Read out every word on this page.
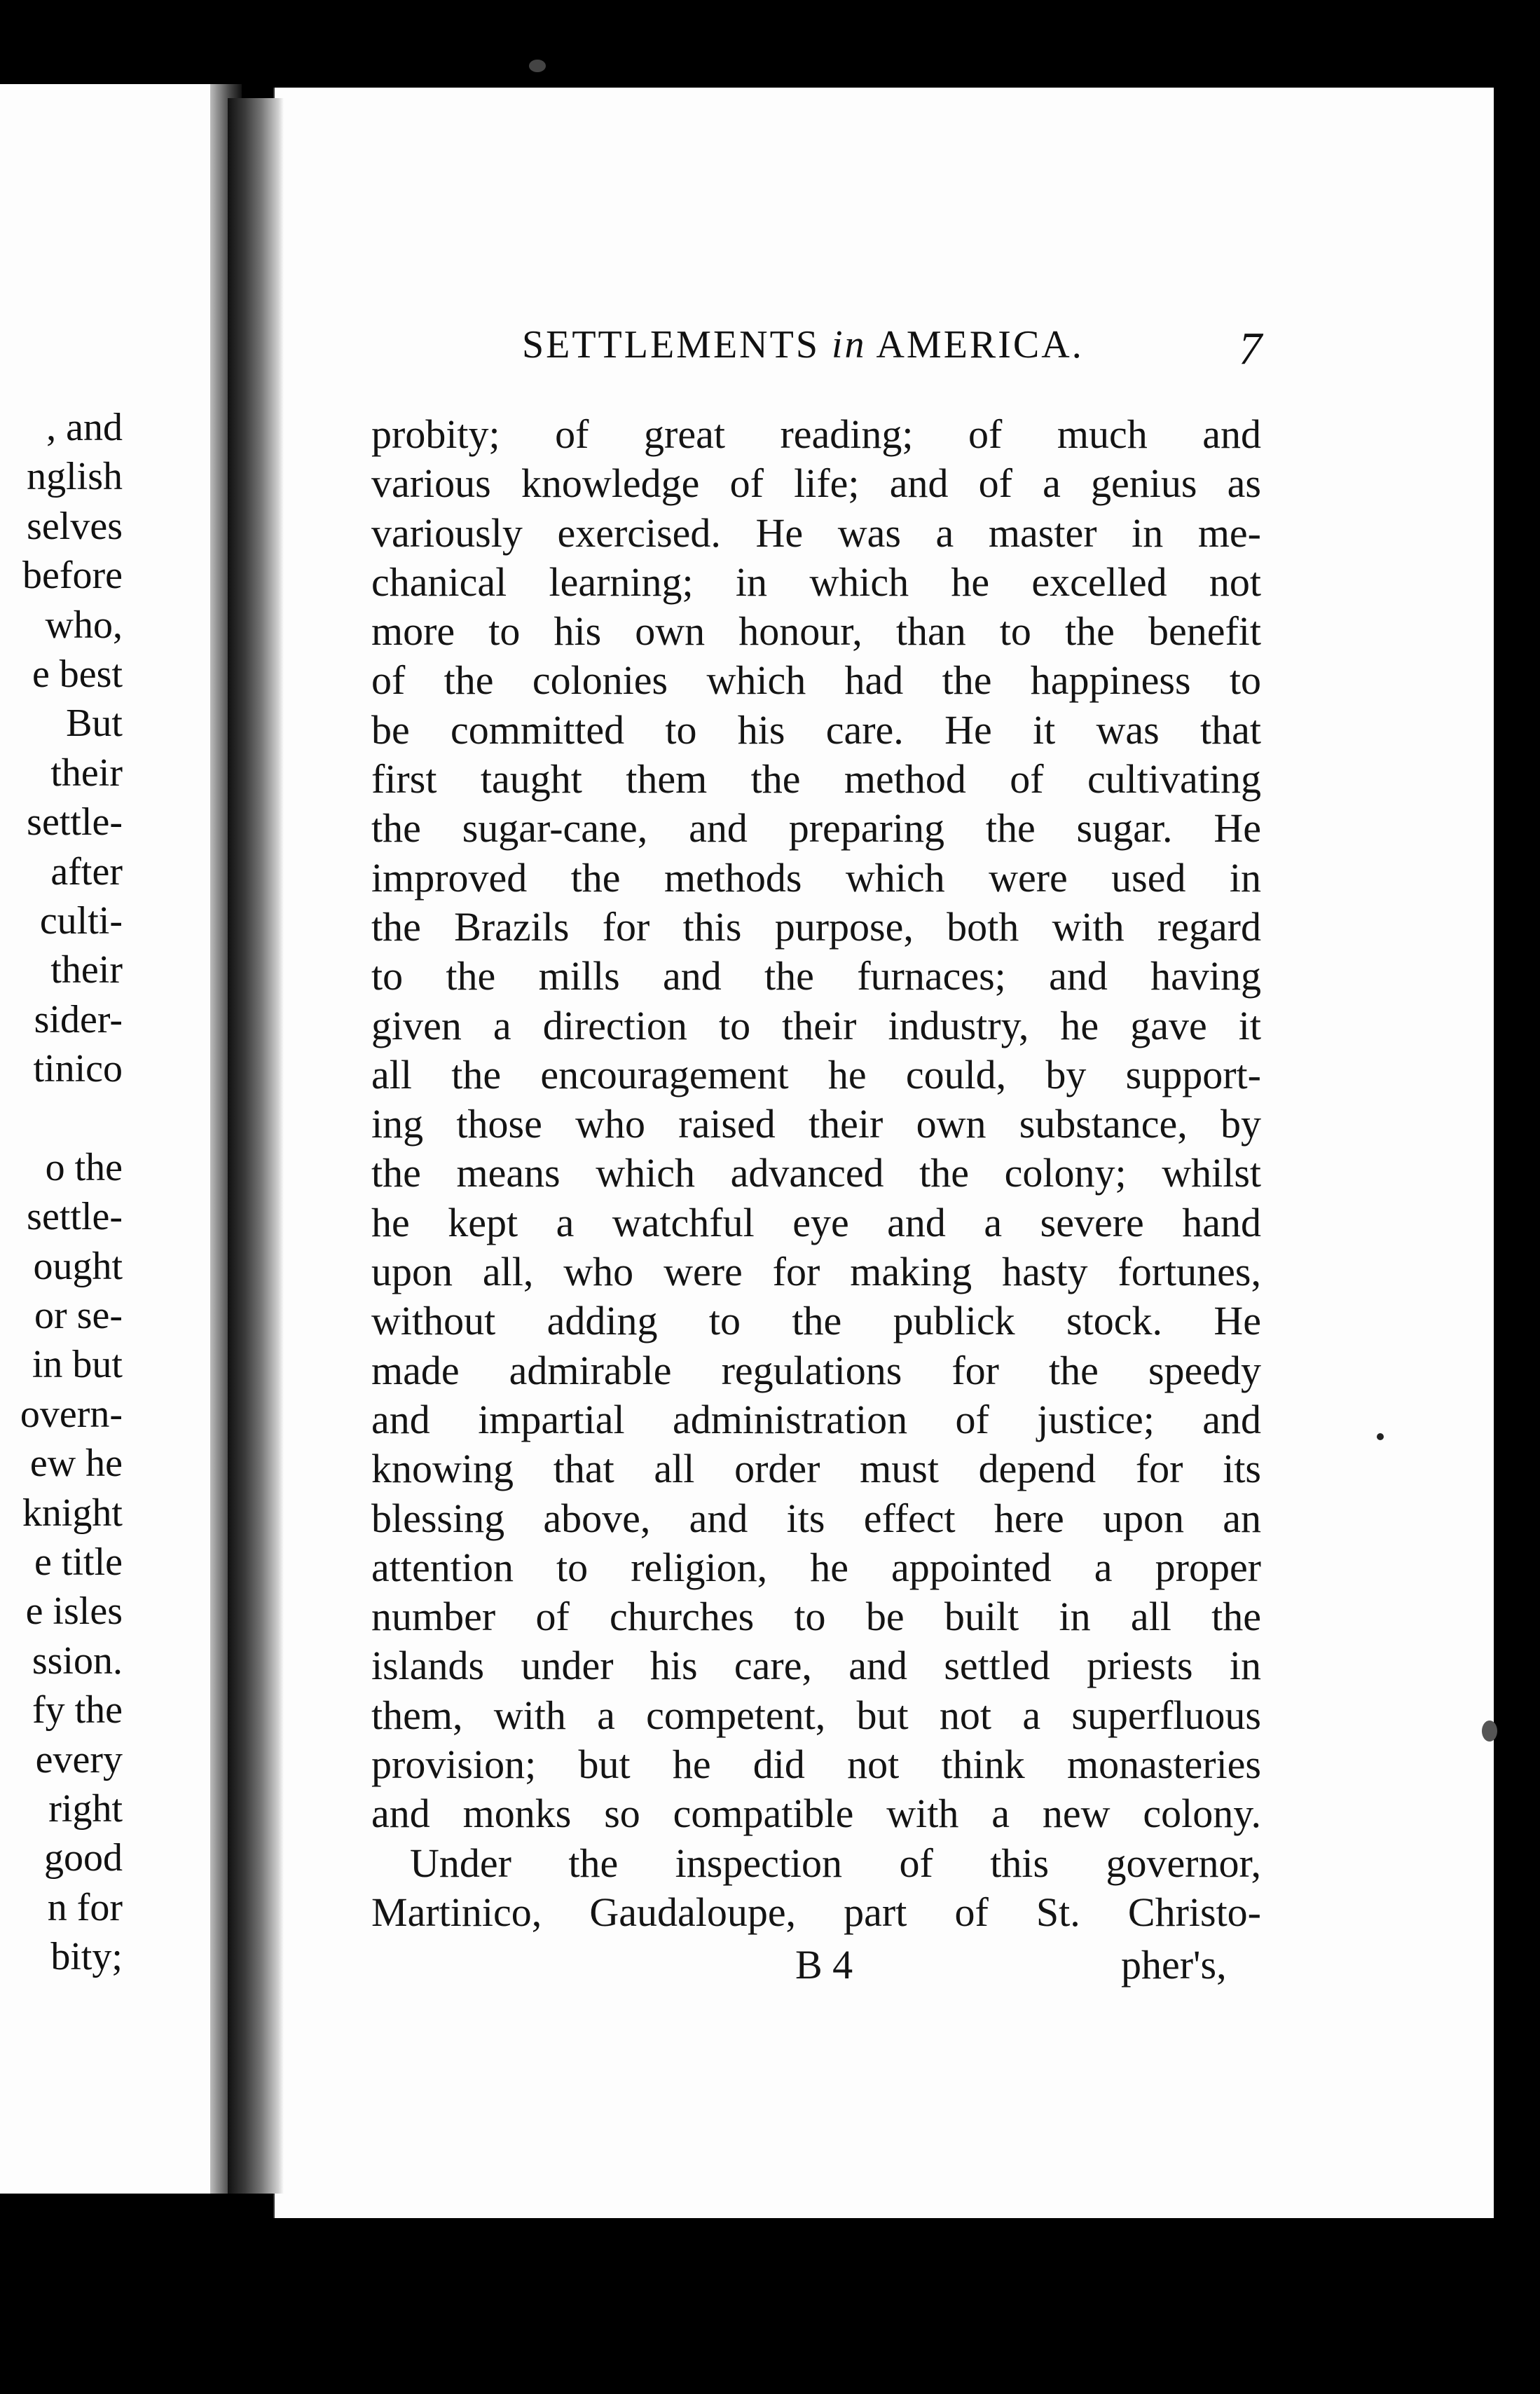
, and
nglish
selves
before
who,
e best
But
their
settle-
after
culti-
their
sider-
tinico
o the
settle-
ought
or se-
in but
overn-
ew he
knight
e title
e isles
ssion.
fy the
every
right
good
n for
bity;
SETTLEMENTS in AMERICA.	7
probity; of great reading; of much and
various knowledge of life; and of a genius as
variously exercised. He was a master in me-
chanical learning; in which he excelled not
more to his own honour, than to the benefit
of the colonies which had the happiness to
be committed to his care. He it was that
first taught them the method of cultivating
the sugar-cane, and preparing the sugar. He
improved the methods which were used in
the Brazils for this purpose, both with regard
to the mills and the furnaces; and having
given a direction to their industry, he gave it
all the encouragement he could, by support-
ing those who raised their own substance, by
the means which advanced the colony; whilst
he kept a watchful eye and a severe hand
upon all, who were for making hasty fortunes,
without adding to the publick stock. He
made admirable regulations for the speedy
and impartial administration of justice; and
knowing that all order must depend for its
blessing above, and its effect here upon an
attention to religion, he appointed a proper
number of churches to be built in all the
islands under his care, and settled priests in
them, with a competent, but not a superfluous
provision; but he did not think monasteries
and monks so compatible with a new colony.
Under the inspection of this governor,
Martinico, Gaudaloupe, part of St. Christo-
B 4	pher's,
